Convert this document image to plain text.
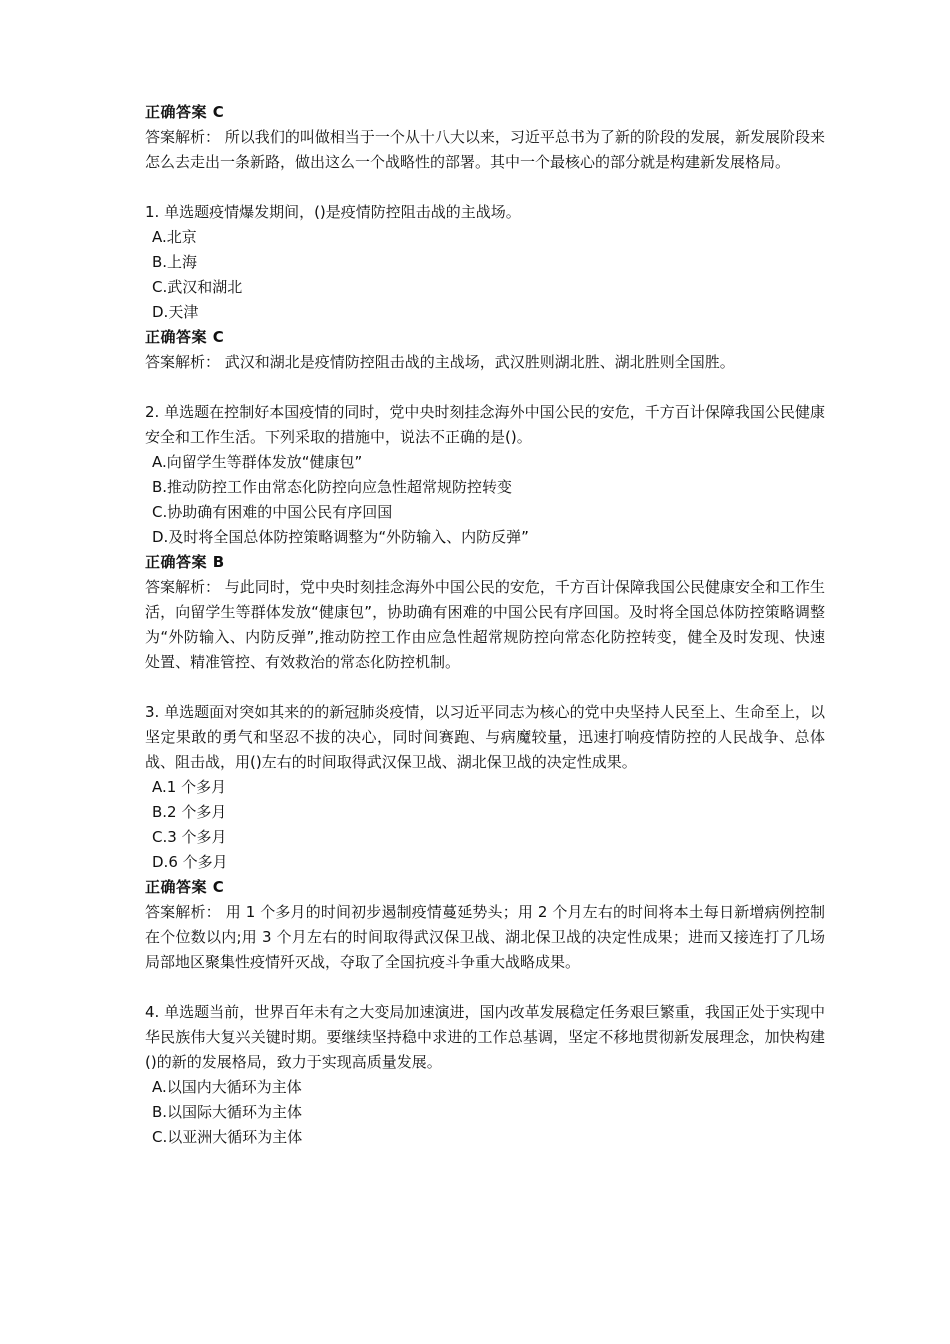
正确答案 C
答案解析： 所以我们的叫做相当于一个从十八大以来，习近平总书为了新的阶段的发展，新发展阶段来怎么去走出一条新路，做出这么一个战略性的部署。其中一个最核心的部分就是构建新发展格局。
1. 单选题疫情爆发期间，()是疫情防控阻击战的主战场。
A.北京
B.上海
C.武汉和湖北
D.天津
正确答案 C
答案解析： 武汉和湖北是疫情防控阻击战的主战场，武汉胜则湖北胜、湖北胜则全国胜。
2. 单选题在控制好本国疫情的同时，党中央时刻挂念海外中国公民的安危，千方百计保障我国公民健康安全和工作生活。下列采取的措施中，说法不正确的是()。
A.向留学生等群体发放“健康包”
B.推动防控工作由常态化防控向应急性超常规防控转变
C.协助确有困难的中国公民有序回国
D.及时将全国总体防控策略调整为“外防输入、内防反弹”
正确答案 B
答案解析： 与此同时，党中央时刻挂念海外中国公民的安危，千方百计保障我国公民健康安全和工作生活，向留学生等群体发放“健康包”，协助确有困难的中国公民有序回国。及时将全国总体防控策略调整为“外防输入、内防反弹”,推动防控工作由应急性超常规防控向常态化防控转变，健全及时发现、快速处置、精准管控、有效救治的常态化防控机制。
3. 单选题面对突如其来的的新冠肺炎疫情，以习近平同志为核心的党中央坚持人民至上、生命至上，以坚定果敢的勇气和坚忍不拔的决心，同时间赛跑、与病魔较量，迅速打响疫情防控的人民战争、总体战、阻击战，用()左右的时间取得武汉保卫战、湖北保卫战的决定性成果。
A.1 个多月
B.2 个多月
C.3 个多月
D.6 个多月
正确答案 C
答案解析： 用 1 个多月的时间初步遏制疫情蔓延势头；用 2 个月左右的时间将本土每日新增病例控制在个位数以内;用 3 个月左右的时间取得武汉保卫战、湖北保卫战的决定性成果；进而又接连打了几场局部地区聚集性疫情歼灭战，夺取了全国抗疫斗争重大战略成果。
4. 单选题当前，世界百年未有之大变局加速演进，国内改革发展稳定任务艰巨繁重，我国正处于实现中华民族伟大复兴关键时期。要继续坚持稳中求进的工作总基调，坚定不移地贯彻新发展理念，加快构建()的新的发展格局，致力于实现高质量发展。
A.以国内大循环为主体
B.以国际大循环为主体
C.以亚洲大循环为主体
